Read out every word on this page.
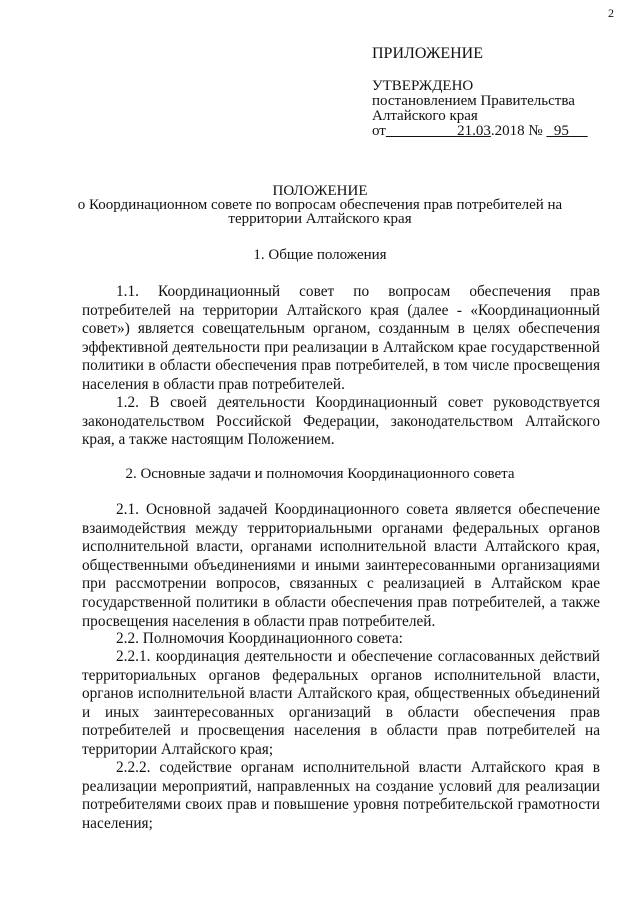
2
ПРИЛОЖЕНИЕ
УТВЕРЖДЕНО
постановлением Правительства
Алтайского края
от	21.03.2018 № 95
ПОЛОЖЕНИЕ
о Координационном совете по вопросам обеспечения прав потребителей на территории Алтайского края
1. Общие положения
1.1. Координационный совет по вопросам обеспечения прав потребителей на территории Алтайского края (далее - «Координационный совет») является совещательным органом, созданным в целях обеспечения эффективной деятельности при реализации в Алтайском крае государственной политики в области обеспечения прав потребителей, в том числе просвещения населения в области прав потребителей.
1.2. В своей деятельности Координационный совет руководствуется законодательством Российской Федерации, законодательством Алтайского края, а также настоящим Положением.
2. Основные задачи и полномочия Координационного совета
2.1. Основной задачей Координационного совета является обеспечение взаимодействия между территориальными органами федеральных органов исполнительной власти, органами исполнительной власти Алтайского края, общественными объединениями и иными заинтересованными организациями при рассмотрении вопросов, связанных с реализацией в Алтайском крае государственной политики в области обеспечения прав потребителей, а также просвещения населения в области прав потребителей.
2.2. Полномочия Координационного совета:
2.2.1. координация деятельности и обеспечение согласованных действий территориальных органов федеральных органов исполнительной власти, органов исполнительной власти Алтайского края, общественных объединений и иных заинтересованных организаций в области обеспечения прав потребителей и просвещения населения в области прав потребителей на территории Алтайского края;
2.2.2. содействие органам исполнительной власти Алтайского края в реализации мероприятий, направленных на создание условий для реализации потребителями своих прав и повышение уровня потребительской грамотности населения;
